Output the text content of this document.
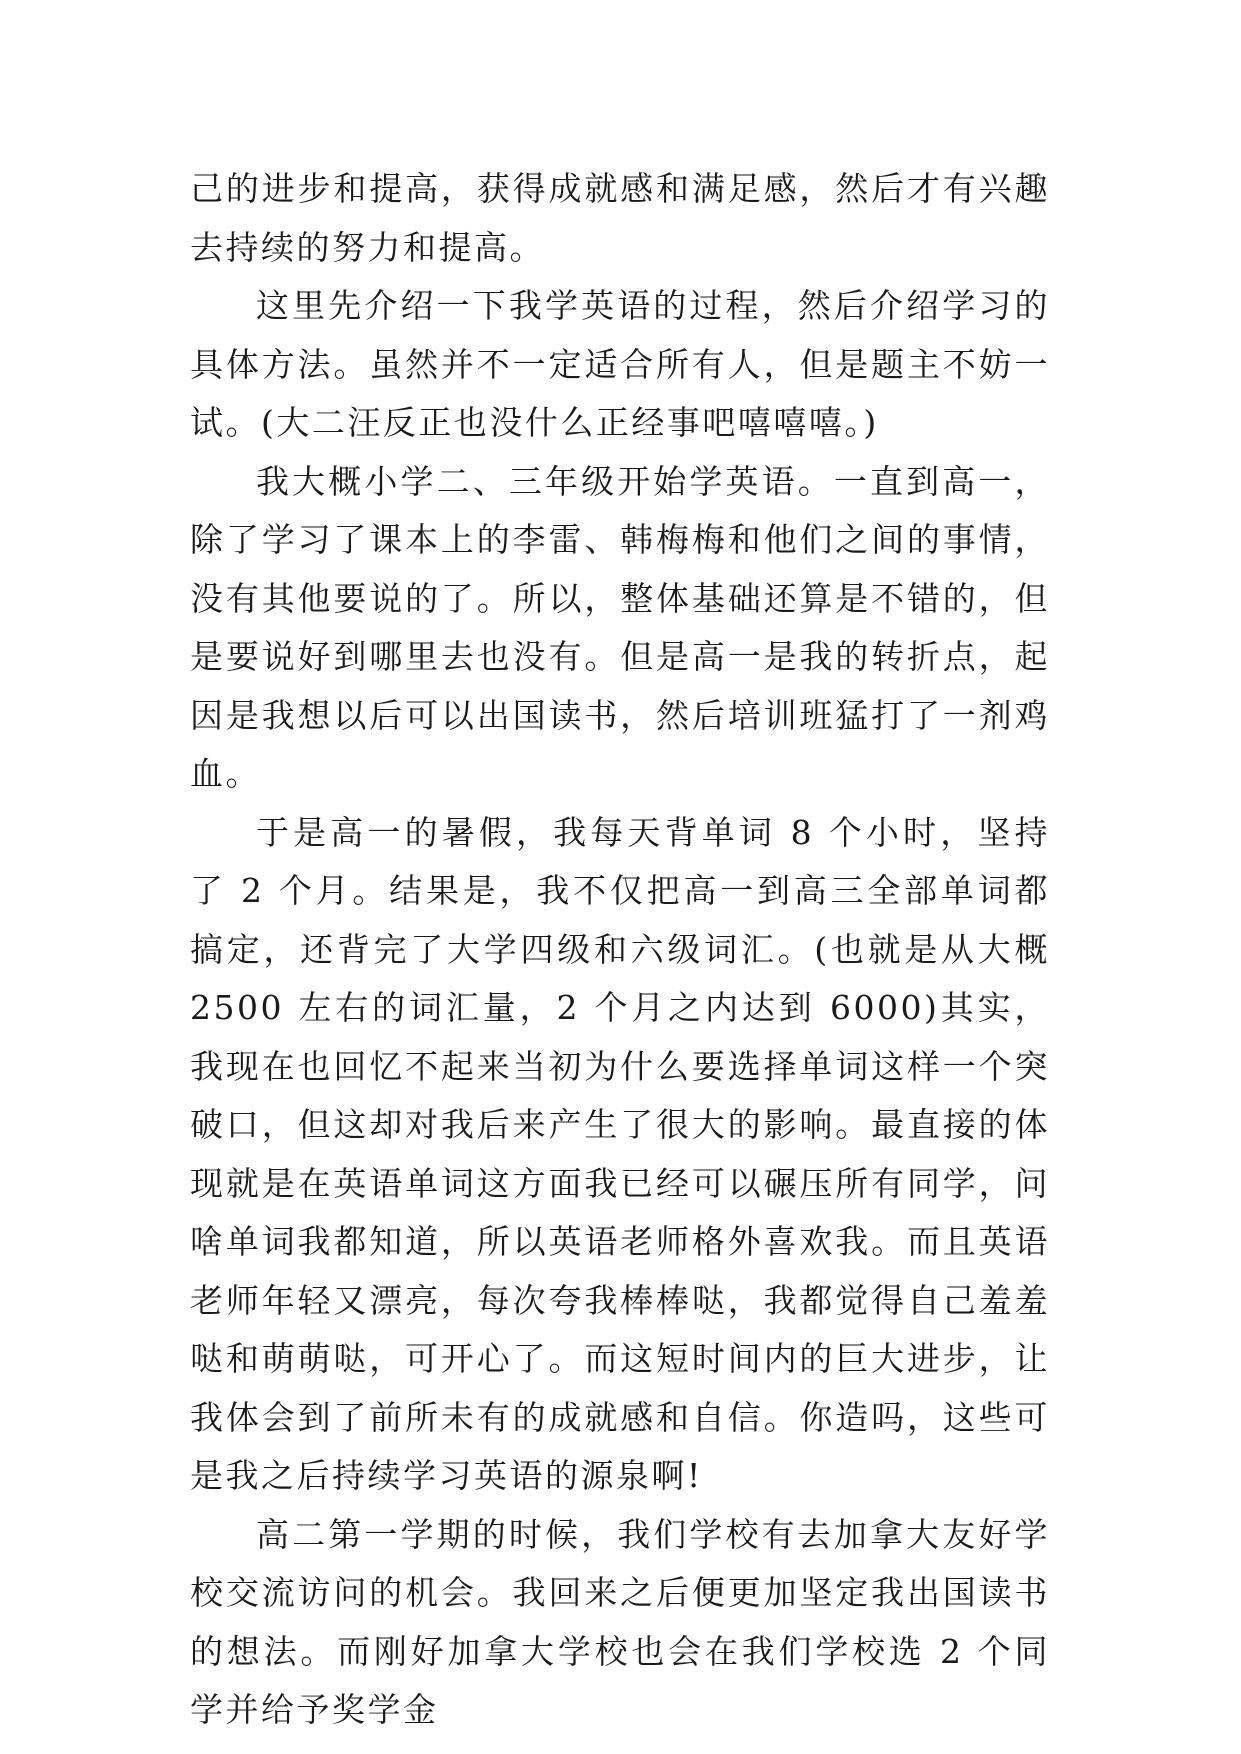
己的进步和提高，获得成就感和满足感，然后才有兴趣去持续的努力和提高。

这里先介绍一下我学英语的过程，然后介绍学习的具体方法。虽然并不一定适合所有人，但是题主不妨一试。(大二汪反正也没什么正经事吧嘻嘻嘻。)

我大概小学二、三年级开始学英语。一直到高一，除了学习了课本上的李雷、韩梅梅和他们之间的事情，没有其他要说的了。所以，整体基础还算是不错的，但是要说好到哪里去也没有。但是高一是我的转折点，起因是我想以后可以出国读书，然后培训班猛打了一剂鸡血。

于是高一的暑假，我每天背单词 8 个小时，坚持了 2 个月。结果是，我不仅把高一到高三全部单词都搞定，还背完了大学四级和六级词汇。(也就是从大概 2500 左右的词汇量，2 个月之内达到 6000)其实，我现在也回忆不起来当初为什么要选择单词这样一个突破口，但这却对我后来产生了很大的影响。最直接的体现就是在英语单词这方面我已经可以碾压所有同学，问啥单词我都知道，所以英语老师格外喜欢我。而且英语老师年轻又漂亮，每次夸我棒棒哒，我都觉得自己羞羞哒和萌萌哒，可开心了。而这短时间内的巨大进步，让我体会到了前所未有的成就感和自信。你造吗，这些可是我之后持续学习英语的源泉啊!

高二第一学期的时候，我们学校有去加拿大友好学校交流访问的机会。我回来之后便更加坚定我出国读书的想法。而刚好加拿大学校也会在我们学校选 2 个同学并给予奖学金
